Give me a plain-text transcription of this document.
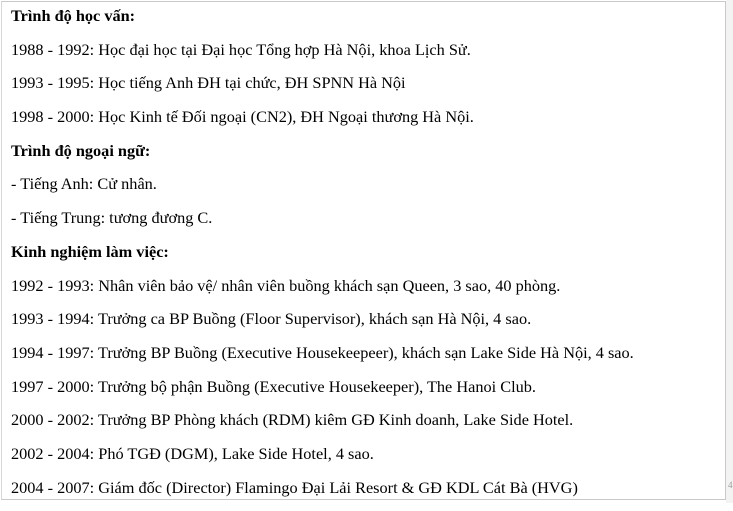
4
Trình độ học vấn:
1988 - 1992: Học đại học tại Đại học Tổng hợp Hà Nội, khoa Lịch Sử.
1993 - 1995: Học tiếng Anh ĐH tại chức, ĐH SPNN Hà Nội
1998 - 2000: Học Kinh tế Đối ngoại (CN2), ĐH Ngoại thương Hà Nội.
Trình độ ngoại ngữ:
- Tiếng Anh: Cử nhân.
- Tiếng Trung: tương đương C.
Kinh nghiệm làm việc:
1992 - 1993: Nhân viên bảo vệ/ nhân viên buồng khách sạn Queen, 3 sao, 40 phòng.
1993 - 1994: Trưởng ca BP Buồng (Floor Supervisor), khách sạn Hà Nội, 4 sao.
1994 - 1997: Trưởng BP Buồng (Executive Housekeepeer), khách sạn Lake Side Hà Nội, 4 sao.
1997 - 2000: Trưởng bộ phận Buồng (Executive Housekeeper), The Hanoi Club.
2000 - 2002: Trưởng BP Phòng khách (RDM) kiêm GĐ Kinh doanh, Lake Side Hotel.
2002 - 2004: Phó TGĐ (DGM), Lake Side Hotel, 4 sao.
2004 - 2007: Giám đốc (Director) Flamingo Đại Lải Resort & GĐ KDL Cát Bà (HVG)
